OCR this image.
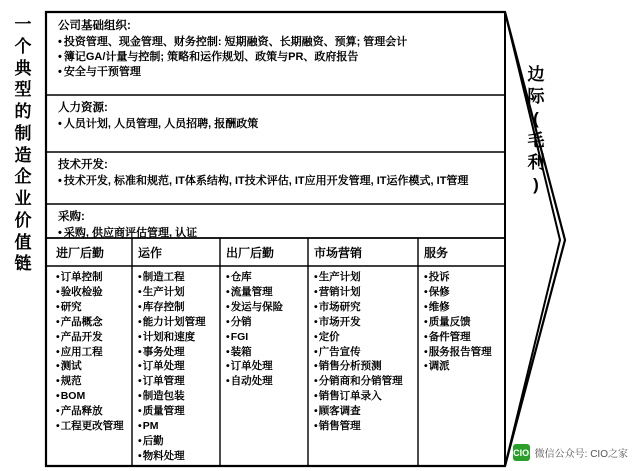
一
个
典
型
的
制
造
企
业
价
值
链
边
际
(
毛
利
)
公司基础组织:
• 投资管理、现金管理、财务控制: 短期融资、长期融资、预算; 管理会计
• 簿记GA/计量与控制; 策略和运作规划、政策与PR、政府报告
• 安全与干预管理
人力资源:
• 人员计划, 人员管理, 人员招聘, 报酬政策
技术开发:
• 技术开发, 标准和规范, IT体系结构, IT技术评估, IT应用开发管理, IT运作模式, IT管理
采购:
• 采购, 供应商评估管理, 认证
进厂后勤
• 订单控制
• 验收检验
• 研究
• 产品概念
• 产品开发
• 应用工程
• 测试
• 规范
• BOM
• 产品释放
• 工程更改管理
运作
• 制造工程
• 生产计划
• 库存控制
• 能力计划管理
• 计划和速度
• 事务处理
• 订单处理
• 订单管理
• 制造包装
• 质量管理
• PM
• 后勤
• 物料处理
出厂后勤
• 仓库
• 流量管理
• 发运与保险
• 分销
• FGI
• 装箱
• 订单处理
• 自动处理
市场营销
• 生产计划
• 营销计划
• 市场研究
• 市场开发
• 定价
• 广告宣传
• 销售分析预测
• 分销商和分销管理
• 销售订单录入
• 顾客调查
• 销售管理
服务
• 投诉
• 保修
• 维修
• 质量反馈
• 备件管理
• 服务报告管理
• 调派
CIO 微信公众号: CIO之家
